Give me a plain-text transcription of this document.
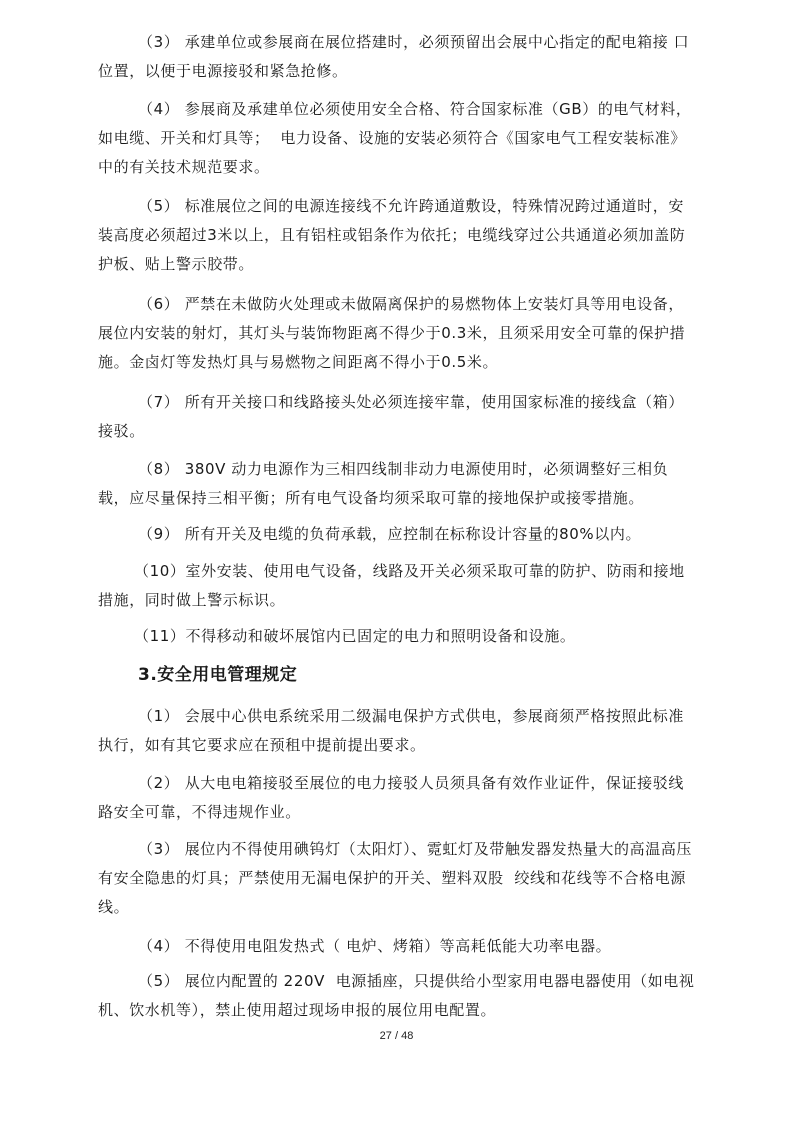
（3） 承建单位或参展商在展位搭建时，必须预留出会展中心指定的配电箱接 口位置，以便于电源接驳和紧急抢修。

（4） 参展商及承建单位必须使用安全合格、符合国家标准（GB）的电气材料，如电缆、开关和灯具等；  电力设备、设施的安装必须符合《国家电气工程安装标准》中的有关技术规范要求。

（5） 标准展位之间的电源连接线不允许跨通道敷设，特殊情况跨过通道时，安装高度必须超过3米以上，且有铝柱或铝条作为依托；电缆线穿过公共通道必须加盖防护板、贴上警示胶带。

（6） 严禁在未做防火处理或未做隔离保护的易燃物体上安装灯具等用电设备，展位内安装的射灯，其灯头与装饰物距离不得少于0.3米，且须采用安全可靠的保护措施。金卤灯等发热灯具与易燃物之间距离不得小于0.5米。

（7） 所有开关接口和线路接头处必须连接牢靠，使用国家标准的接线盒（箱）接驳。

（8） 380V 动力电源作为三相四线制非动力电源使用时，必须调整好三相负载，应尽量保持三相平衡；所有电气设备均须采取可靠的接地保护或接零措施。

（9） 所有开关及电缆的负荷承载，应控制在标称设计容量的80%以内。

（10）室外安装、使用电气设备，线路及开关必须采取可靠的防护、防雨和接地措施，同时做上警示标识。

（11）不得移动和破坏展馆内已固定的电力和照明设备和设施。

3.安全用电管理规定

（1） 会展中心供电系统采用二级漏电保护方式供电，参展商须严格按照此标准执行，如有其它要求应在预租中提前提出要求。

（2） 从大电电箱接驳至展位的电力接驳人员须具备有效作业证件，保证接驳线路安全可靠，不得违规作业。

（3） 展位内不得使用碘钨灯（太阳灯）、霓虹灯及带触发器发热量大的高温高压有安全隐患的灯具；严禁使用无漏电保护的开关、塑料双股  绞线和花线等不合格电源线。

（4） 不得使用电阻发热式（ 电炉、烤箱）等高耗低能大功率电器。

（5） 展位内配置的 220V  电源插座，只提供给小型家用电器电器使用（如电视机、饮水机等），禁止使用超过现场申报的展位用电配置。

27 / 48
